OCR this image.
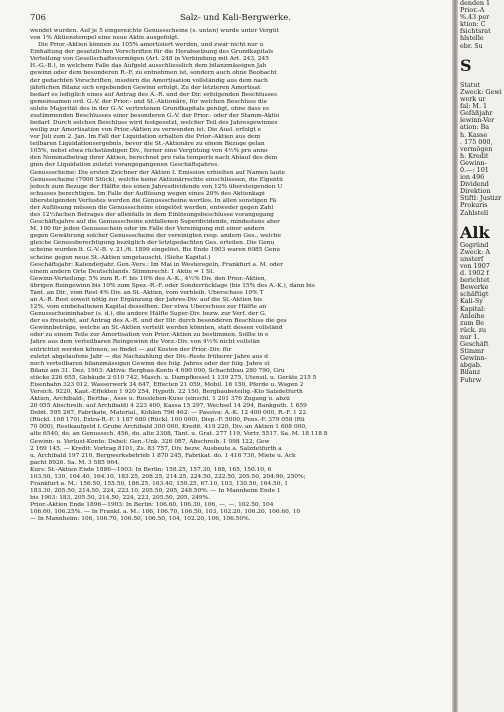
706	Salz- und Kali-Bergwerke.
wendet wurden. Auf je 5 eingereichte Genussscheine (s. unten) wurde unter Vergüt
von 1% Aktienstempel eine neue Aktie ausgefolgt.
Die Prior.-Aktien können zu 105% amortisiert werden, und zwar nicht nur u
Einhaltung der gesetzlichen Vorschriften für die Herabsetzung des Grundkapitals
Verteilung von Gesellschaftsvermögen (Art. 248 in Verbindung mit Art. 243, 245
H.-G.-B.), in welchem Falle das Aufgeld ausschliesslich dem bilanzmässigen Jah
gewinn oder dem besonderen R.-F. zu entnehmen ist, sondern auch ohne Beobacht
der gedachten Vorschriften, insofern die Amortisation vollständig aus dem nach
jährlichen Bilanz sich ergebenden Gewinn erfolgt. Zu der letzteren Amortisat
bedarf es lediglich eines auf Antrag des A.-R. und der Dir. erfolgenden Beschlusses
gemeinsamen ord. G.-V. der Prior.- und St.-Aktionäre, für welchen Beschluss die
solute Majorität des in der G.-V. vertretenen Grundkapitals genügt, ohne dass es
zustimmenden Beschlusses einer besonderen G.-V. der Prior.- oder der Stamm-Aktio
bedarf. Durch solchen Beschluss wird festgesetzt, welcher Teil des Jahresgewinnes
weilig zur Amortisation von Prior.-Aktien zu verwenden ist. Die Ausl. erfolgt e
vor Juli zum 2. Jan. Im Fall der Liquidation erhalten die Prior.-Aktien aus dem
teilbaren Liquidationsergebnis, bevor die St.-Aktionäre zu einem Bezuge gelan
105%, nebst etwa rückständigen Div., ferner eine Vergütung von 4½% pro anno
den Nominalbetrag ihrer Aktien, berechnet pro rata temporis nach Ablauf des dem
ginn der Liquidation zuletzt vorangegangenen Geschäftsjahres.
Genussscheine: Die ersten Zeichner der Aktien I. Emission erhielten auf Namen laute
Genussscheine (7000 Stück), welche keine Aktionärrechte einschliessen, die Eigentü
jedoch zum Bezuge der Hälfte des einen Jahresdividende von 12% übersteigenden U
schusses berechtigen. Im Falle der Auflösung wegen eines 20% des Aktienkapi
übersteigenden Verlustes werden die Genussscheine wertlos. In allen sonstigen Fä
der Auflösung müssen die Genussscheine eingelöst werden, entweder gegen Zahl
des 12½fachen Betrages der allenfalls in dem Einlösungsbeschlusse vorangegang
Geschäftsjahre auf die Genussscheine entfallenen Superdividende, mindestens aber
M. 100 für jeden Genussschein oder im Falle der Vereinigung mit einer andern
gegen Gewährung solcher Genussscheine der vereinigten resp. andern Ges., welche
gleiche Genussberechtigung bezüglich der letztgedachten Ges. erteilen. Die Genu
scheine wurden lt. G.-V.-B. v. 21./6. 1899 eingelöst. Bis Ende 1903 waren 6985 Genu
scheine gegen neue St.-Aktien umgetauscht. (Siehe Kapital.)
Geschäftsjahr: Kalenderjahr. Gen.-Vers.: Im Mai in Westeregeln, Frankfurt a. M. oder
einem andern Orte Deutschlands. Stimmrecht: 1 Aktie = 1 St.
Gewinn-Verteilung: 5% zum R.-F. bis 10% des A.-K., 4½% Div. den Prior.-Aktien,
übrigen Reingewinn bis 10% zum Spez.-R.-F. oder Sonderrücklage (bis 15% des A.-K.), dann bis
Tant. an Dir., vom Rest 4% Div. an St.-Aktien, vom verbleib. Überschuss 10% T
an A.-R. Rest soweit nötig zur Ergänzung der Jahres-Div. auf die St.-Aktien bis
12%, vom einbehaltenen Kapital desselben. Der etwa Überschuss zur Hälfte an
Genussscheininhaber (s. d.), die andere Hälfte Super-Div. bezw. zur Verf. der G.
der es freisteht, auf Antrag des A.-R. und der Dir. durch besonderen Beschluss die ges
Gewinnbeträge, welche an St.-Aktien verteilt werden könnten, statt dessen vollständ
oder zu einem Teile zur Amortisation von Prior.-Aktien zu bestimmen. Sollte in e
Jahre aus dem verteilbaren Reingewinn die Vorz.-Div. von 4½% nicht vollstän
entrichtet werden können, so findet — auf Kosten der Prior.-Div. für
zuletzt abgelaufene Jahr — die Nachzahlung der Div.-Reste früherer Jahre aus d
noch verteilbaren bilanzmässigen Gewinn des folg. Jahres oder der folg. Jahre st
Bilanz am 31. Dez. 1903: Aktiva: Bergbau-Konto 4 690 000, Schachtbau 280 790, Gru
stücke 226 655, Gebäude 2 010 742, Masch. u. Dampfkessel 1 139 275, Utensil. u. Geräte 215 5
Eisenbahn 323 012, Wasserwerk 34 647, Effecten 21 059, Mobil. 16 150, Pferde u. Wagen 2
Versich. 9220, Kaut.-Effekten 1 920 254, Hypoth. 22 150, Bergbaubeteilig.-Kto Salzdetfurth
Aktien, Archibald-, Bertha-, Asse u. Rossleben-Kuxe (einschl. 1 201 376 Zugang u. abzü
20 055 Abschreib. auf Archibald) 4 223 400, Kassa 15 297, Wechsel 14 294, Bankguth. 1 659
Debit. 595 267, Fabrikate, Material., Kohlen 796 462. — Passiva: A.-K. 12 400 000, R.-F. 1 22
(Rückl. 108 170), Extra-R.-F. 1 187 680 (Rückl. 100 000), Disp.-F. 5000, Pens.-F. 379 058 (Rü
70 000), Restkaufgeld f. Grube Archibald 300 000, Kredit. 419 220, Div. an Aktien 1 608 000,
alte 6540, do. an Genusssch. 456, do. alte 2308, Tant. u. Grat. 277 119, Vortr. 5517. Sa. M. 18 118 8
Gewinn- u. Verlust-Konto: Debet: Gen.-Unk. 326 087, Abschreib. 1 098 122, Gew
2 169 145. — Kredit: Vortrag 8101, Zs. 83 757, Div. bezw. Ausbeute a. Salzdetfurth a
u. Archibald 197 210, Bergwerksbetrieb 1 870 245, Fabrikat. do. 1 416 730, Miete u. Ack
pacht 8926. Sa. M. 3 585 964.
Kurs: St.-Aktien Ende 1886—1903: In Berlin: 158.25, 157.30, 188, 165, 150.10, 6
103.50, 130, 164.40, 164.10, 183.25, 208.25, 214.25, 224.50, 222.50, 205.50, 204.90, 250%;
Frankfurt a. M.: 156.50, 155.50, 186.25, 163.40, 150.25, 67.10, 103, 130.50, 164.50, 1
183.30, 205.50, 214.50, 224, 223.10, 205.50, 205, 248.50%. — In Mannheim Ende 1
bis 1903: 183, 205.50, 214.50, 224, 223, 205.50, 205, 249%.
Prior.-Aktien Ende 1896—1903: In Berlin: 106.60, 106.30, 106, —, —, 102.50, 104
106.60, 106.25%. — In Frankf. a. M.: 106, 106.70, 106.50, 103, 102.20, 106.20, 106.60, 10
— In Mannheim: 106, 106.70, 106.50, 106.50, 104, 102.20, 106, 106.50%.
denden 1
Prior.-A
%.43 per
ktion: C
fsichtsrat
hlstelle
ebr. Su
S
Statut
Zweck: Gewi
werk ur
fal: M. 1
Gefäßjahr
lewinn-Ver
ation: Ba
h. Kasse
. 175 000,
vermögen
h. Kredit
Gewinn-
0.—: 101
ion 496
Dividend
Direktion
Stiftl: Justizr
Prokuris
Zahlstell
Alk
Gegründ
Zweck: A
unsterf
von 1907
d. 1902 f
berichtet
Bewerke
schäftigt
Kali-Sy
Kapital:
Anleihe
zum Be
rück. zu
nur 1.
Geschäft
Stimmr
Gewinn-
abgab.
Bilanz
Fuhrw
